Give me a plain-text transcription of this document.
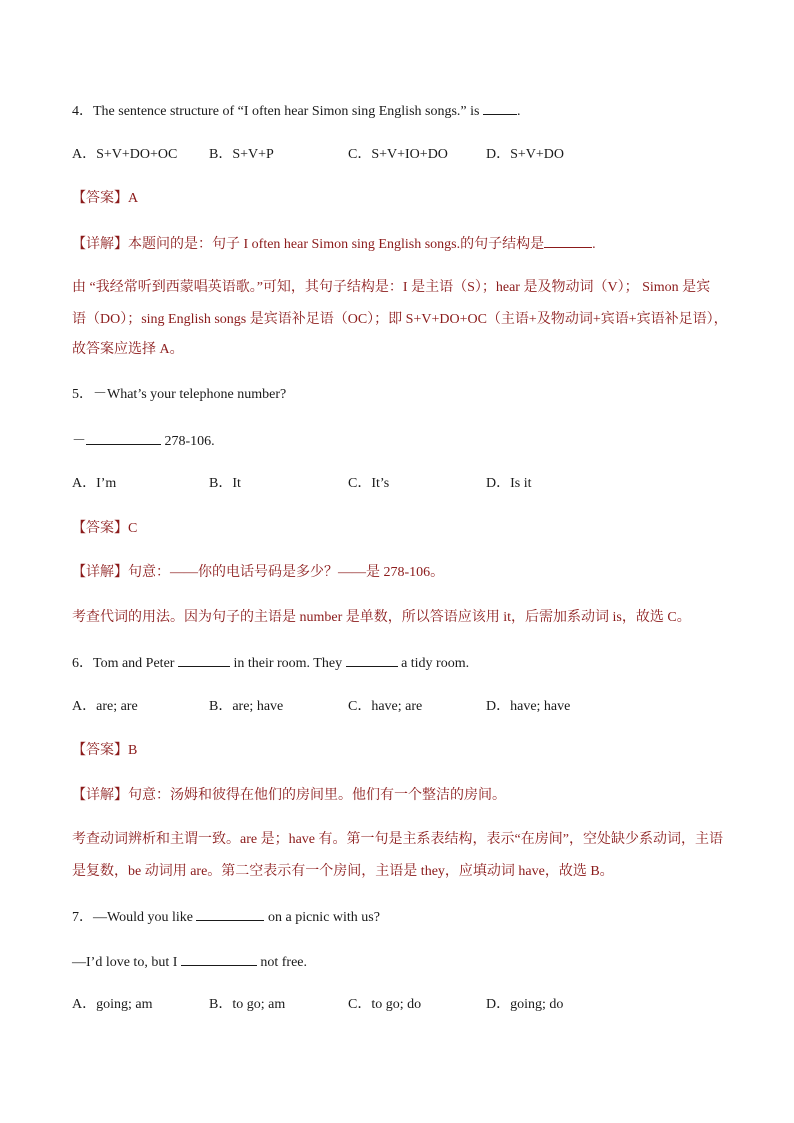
4．The sentence structure of “I often hear Simon sing English songs.” is	.
A．S+V+DO+OC B．S+V+P	C．S+V+IO+DO	D．S+V+DO
【答案】A
【详解】本题问的是：句子 I often hear Simon sing English songs.的句子结构是	.
由 “我经常听到西蒙唱英语歌。”可知，其句子结构是：I 是主语（S）；hear 是及物动词（V）； Simon 是宾
语（DO）；sing English songs 是宾语补足语（OC）；即 S+V+DO+OC（主语+及物动词+宾语+宾语补足语），
故答案应选择 A。
5．－What’s your telephone number?
－	278-106.
A．I’m	B．It	C．It’s	D．Is it
【答案】C
【详解】句意：——你的电话号码是多少？——是 278-106。
考查代词的用法。因为句子的主语是 number 是单数，所以答语应该用 it，后需加系动词 is，故选 C。
6．Tom and Peter	in their room. They	a tidy room.
A．are; are	B．are; have	C．have; are	D．have; have
【答案】B
【详解】句意：汤姆和彼得在他们的房间里。他们有一个整洁的房间。
考查动词辨析和主谓一致。are 是；have 有。第一句是主系表结构，表示“在房间”，空处缺少系动词，主语
是复数，be 动词用 are。第二空表示有一个房间，主语是 they，应填动词 have，故选 B。
7．—Would you like	on a picnic with us?
—I’d love to, but I	not free.
A．going; am	B．to go; am	C．to go; do	D．going; do
